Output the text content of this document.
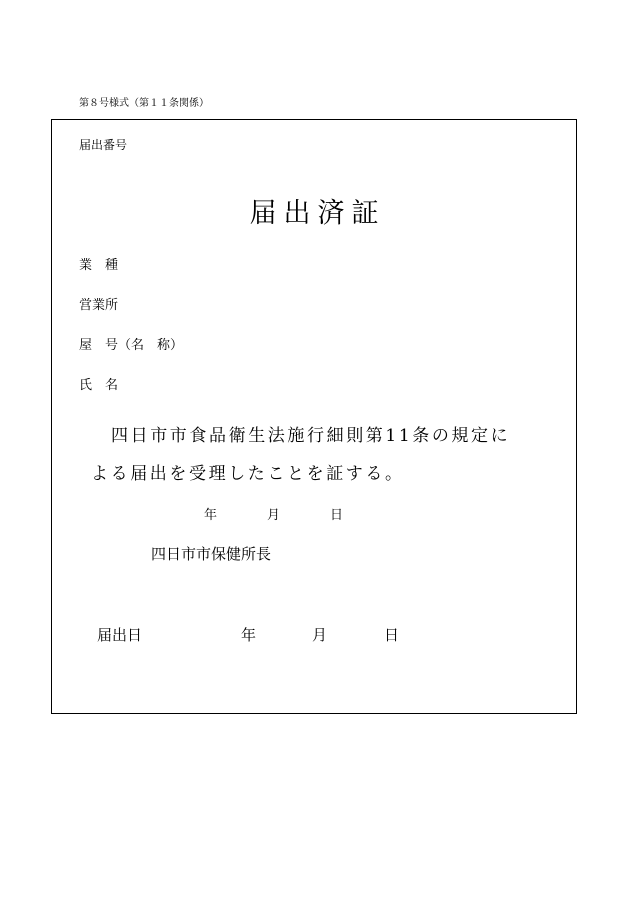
第８号様式（第１１条関係）
届出番号
届出済証
業　種
営業所
屋　号（名　称）
氏　名
四日市市食品衛生法施行細則第11条の規定に
よる届出を受理したことを証する。
年	月	日
四日市市保健所長
届出日	年	月	日
